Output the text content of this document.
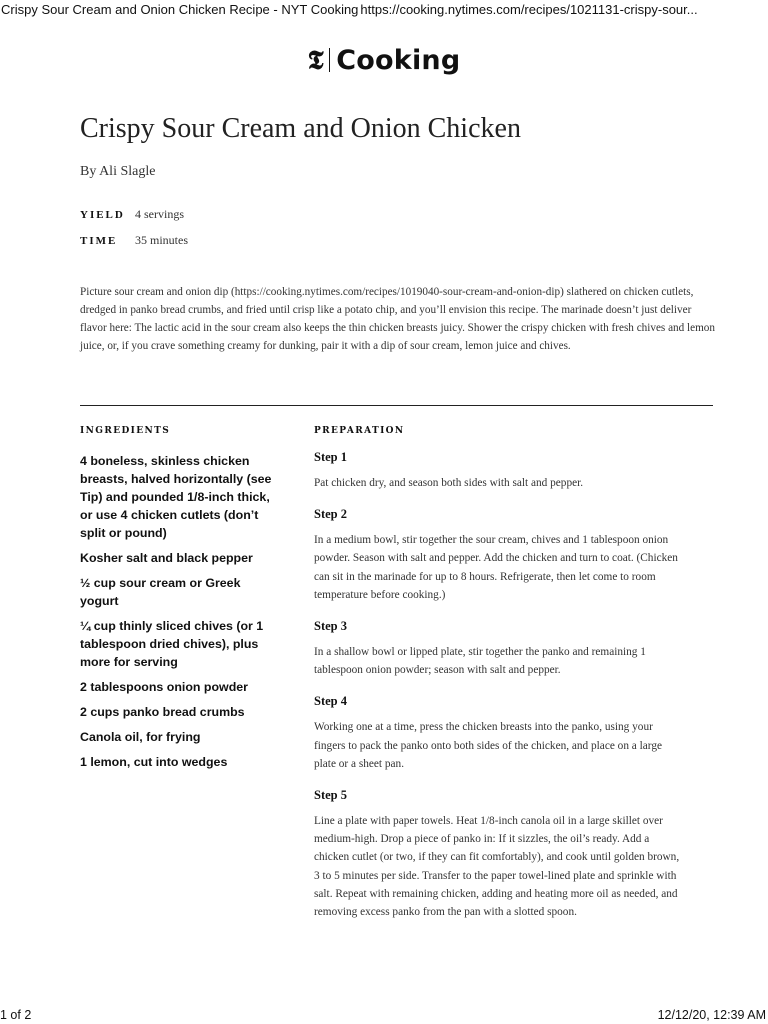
Crispy Sour Cream and Onion Chicken Recipe - NYT Cooking https://cooking.nytimes.com/recipes/1021131-crispy-sour...
𝕿 Cooking
Crispy Sour Cream and Onion Chicken
By Ali Slagle
YIELD 4 servings
TIME 35 minutes

Picture sour cream and onion dip (https://cooking.nytimes.com/recipes/1019040-sour-cream-and-onion-dip) slathered on chicken cutlets, dredged in panko bread crumbs, and fried until crisp like a potato chip, and you’ll envision this recipe. The marinade doesn’t just deliver flavor here: The lactic acid in the sour cream also keeps the thin chicken breasts juicy. Shower the crispy chicken with fresh chives and lemon juice, or, if you crave something creamy for dunking, pair it with a dip of sour cream, lemon juice and chives.

INGREDIENTS	PREPARATION
4 boneless, skinless chicken breasts, halved horizontally (see Tip) and pounded 1/8-inch thick, or use 4 chicken cutlets (don’t split or pound)
Kosher salt and black pepper
½ cup sour cream or Greek yogurt
¼ cup thinly sliced chives (or 1 tablespoon dried chives), plus more for serving
2 tablespoons onion powder
2 cups panko bread crumbs
Canola oil, for frying
1 lemon, cut into wedges
Step 1
Pat chicken dry, and season both sides with salt and pepper.
Step 2
In a medium bowl, stir together the sour cream, chives and 1 tablespoon onion powder. Season with salt and pepper. Add the chicken and turn to coat. (Chicken can sit in the marinade for up to 8 hours. Refrigerate, then let come to room temperature before cooking.)
Step 3
In a shallow bowl or lipped plate, stir together the panko and remaining 1 tablespoon onion powder; season with salt and pepper.
Step 4
Working one at a time, press the chicken breasts into the panko, using your fingers to pack the panko onto both sides of the chicken, and place on a large plate or a sheet pan.
Step 5
Line a plate with paper towels. Heat 1/8-inch canola oil in a large skillet over medium-high. Drop a piece of panko in: If it sizzles, the oil’s ready. Add a chicken cutlet (or two, if they can fit comfortably), and cook until golden brown, 3 to 5 minutes per side. Transfer to the paper towel-lined plate and sprinkle with salt. Repeat with remaining chicken, adding and heating more oil as needed, and removing excess panko from the pan with a slotted spoon.
1 of 2	12/12/20, 12:39 AM
